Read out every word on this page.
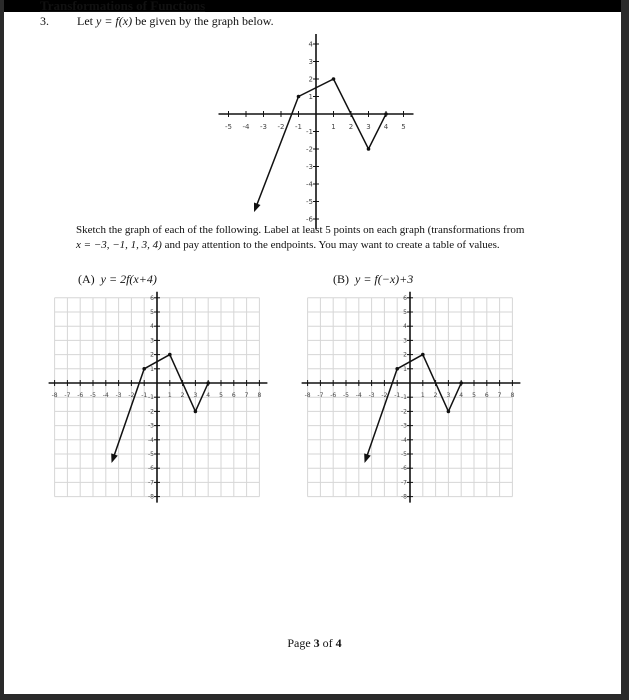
Transformations of Functions
3. Let y = f(x) be given by the graph below.
-5 -4 -3 -2 -1	1 2 3 4 5
4
3
2
1
-1
-2
-3
-4
-5
-6
Sketch the graph of each of the following. Label at least 5 points on each graph (transformations from
x = −3, −1, 1, 3, 4) and pay attention to the endpoints. You may want to create a table of values.
(A) y = 2f(x+4)	(B) y = f(−x)+3
-8 -7 -6 -5 -4 -3 -2 -1	1 2 3 4 5 6 7 8
6
5
4
3
2
1
-1
-2
-3
-4
-5
-6
-7
-8
-8 -7 -6 -5 -4 -3 -2 -1	1 2 3 4 5 6 7 8
6
5
4
3
2
1
-1
-2
-3
-4
-5
-6
-7
-8
Page 3 of 4
